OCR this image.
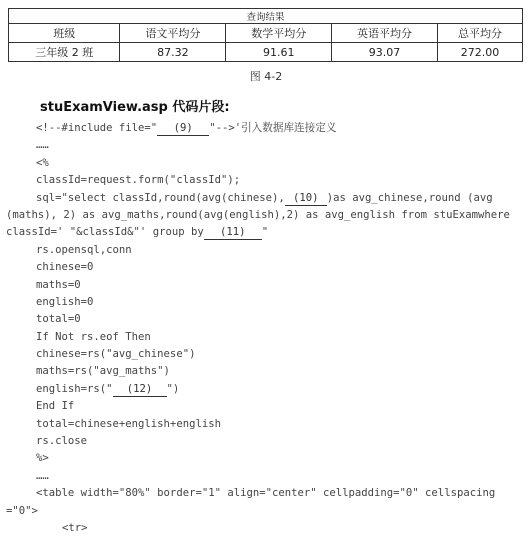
查询结果				
班级	语文平均分	数学平均分	英语平均分	总平均分
三年级 2 班	87.32	91.61	93.07	272.00
图 4-2
stuExamView.asp 代码片段:
<!--#include file=" (9) "-->'引入数据库连接定义
……
<%
classId=request.form("classId");
sql="select classId,round(avg(chinese), (10) )as avg_chinese,round (avg
(maths), 2) as avg_maths,round(avg(english),2) as avg_english from stuExamwhere
classId=' "&classId&"' group by (11) "
rs.opensql,conn
chinese=0
maths=0
english=0
total=0
If Not rs.eof Then
chinese=rs("avg_chinese")
maths=rs("avg_maths")
english=rs(" (12) ")
End If
total=chinese+english+english
rs.close
%>
……
<table width="80%" border="1" align="center" cellpadding="0" cellspacing
="0">
<tr>
